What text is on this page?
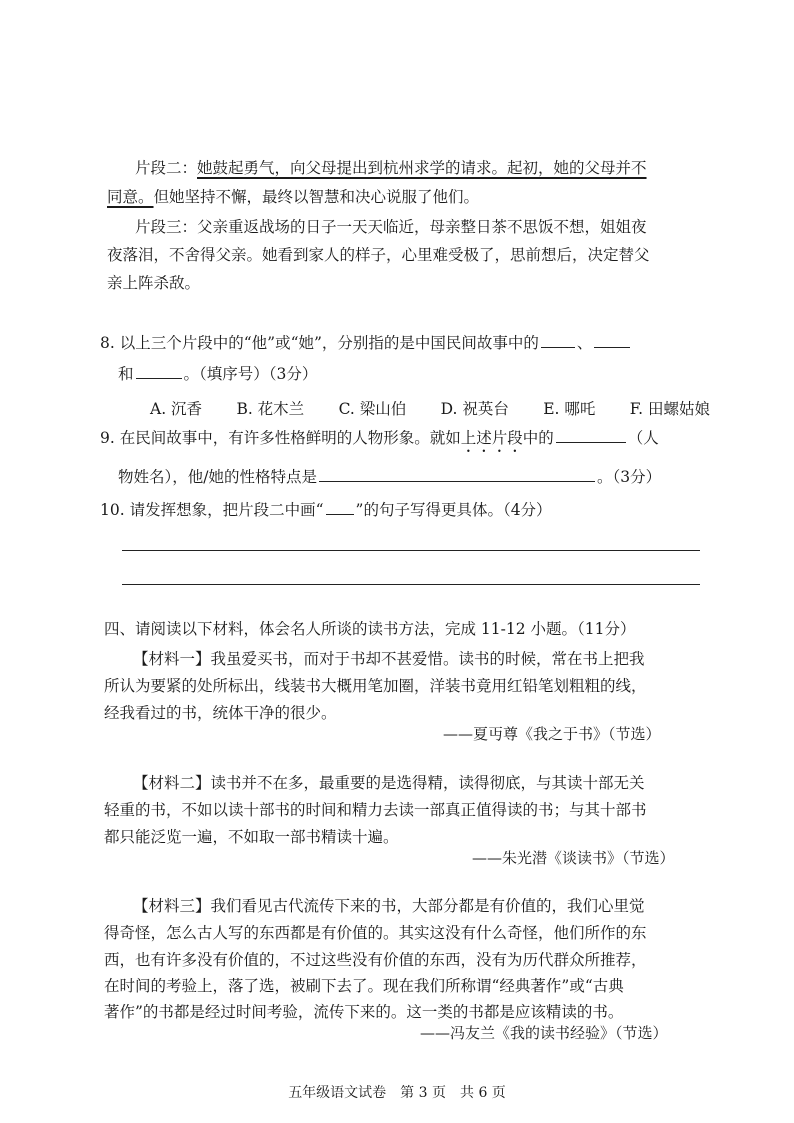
片段二：她鼓起勇气，向父母提出到杭州求学的请求。起初，她的父母并不
同意。但她坚持不懈，最终以智慧和决心说服了他们。
片段三：父亲重返战场的日子一天天临近，母亲整日茶不思饭不想，姐姐夜
夜落泪，不舍得父亲。她看到家人的样子，心里难受极了，思前想后，决定替父
亲上阵杀敌。
8. 以上三个片段中的“他”或“她”，分别指的是中国民间故事中的 、
和	。（填序号）（3分）
A. 沉香 B. 花木兰 C. 梁山伯 D. 祝英台 E. 哪吒 F. 田螺姑娘
9. 在民间故事中，有许多性格鲜明的人物形象。就如上述片段中的	（人
物姓名），他/她的性格特点是	。（3分）
10. 请发挥想象，把片段二中画“ ”的句子写得更具体。（4分）
四、请阅读以下材料，体会名人所谈的读书方法，完成 11-12 小题。（11分）
【材料一】我虽爱买书，而对于书却不甚爱惜。读书的时候，常在书上把我
所认为要紧的处所标出，线装书大概用笔加圈，洋装书竟用红铅笔划粗粗的线，
经我看过的书，统体干净的很少。
——夏丏尊《我之于书》（节选）
【材料二】读书并不在多，最重要的是选得精，读得彻底，与其读十部无关
轻重的书，不如以读十部书的时间和精力去读一部真正值得读的书；与其十部书
都只能泛览一遍，不如取一部书精读十遍。
——朱光潜《谈读书》（节选）
【材料三】我们看见古代流传下来的书，大部分都是有价值的，我们心里觉
得奇怪，怎么古人写的东西都是有价值的。其实这没有什么奇怪，他们所作的东
西，也有许多没有价值的，不过这些没有价值的东西，没有为历代群众所推荐，
在时间的考验上，落了选，被刷下去了。现在我们所称谓“经典著作”或“古典
著作”的书都是经过时间考验，流传下来的。这一类的书都是应该精读的书。
——冯友兰《我的读书经验》（节选）
五年级语文试卷　第 3 页　共 6 页
